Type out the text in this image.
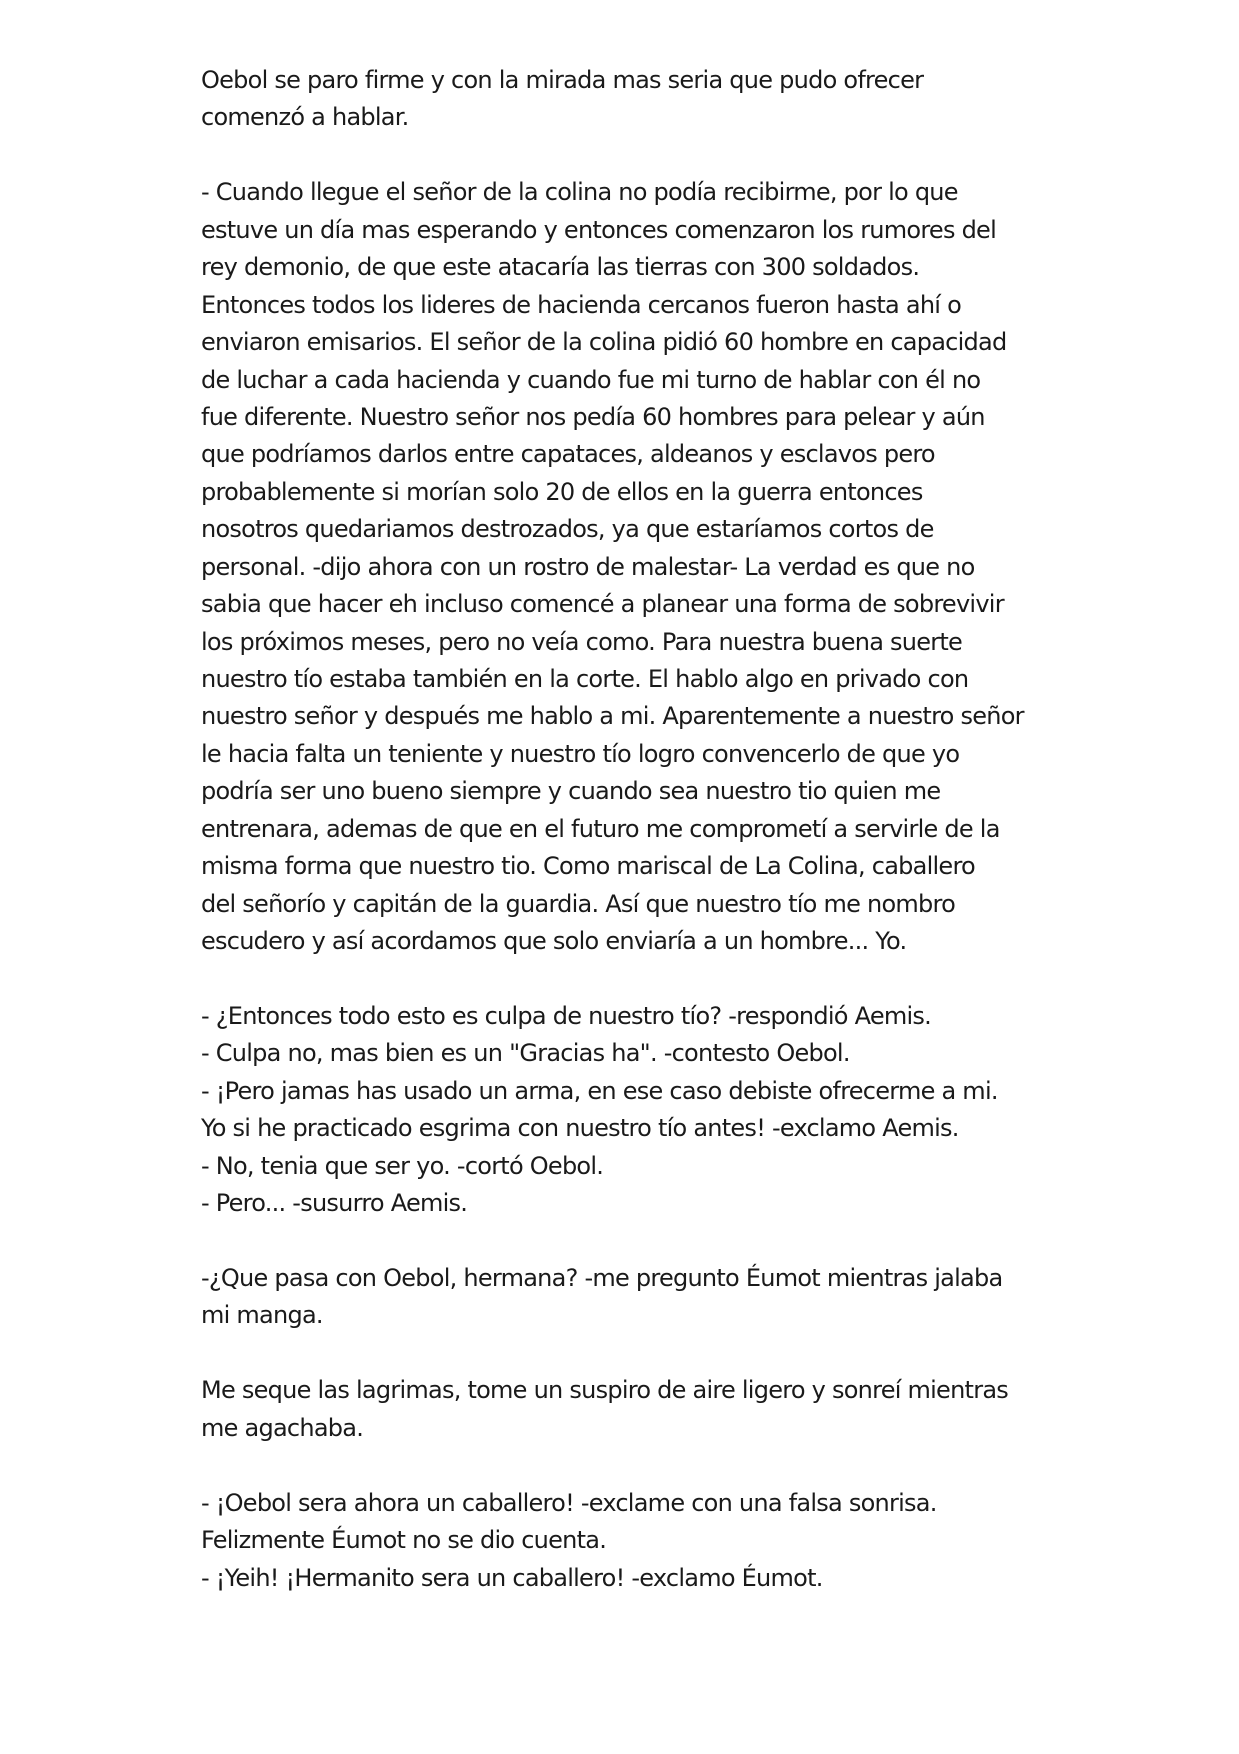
Oebol se paro firme y con la mirada mas seria que pudo ofrecer
comenzó a hablar.
- Cuando llegue el señor de la colina no podía recibirme, por lo que
estuve un día mas esperando y entonces comenzaron los rumores del
rey demonio, de que este atacaría las tierras con 300 soldados.
Entonces todos los lideres de hacienda cercanos fueron hasta ahí o
enviaron emisarios. El señor de la colina pidió 60 hombre en capacidad
de luchar a cada hacienda y cuando fue mi turno de hablar con él no
fue diferente. Nuestro señor nos pedía 60 hombres para pelear y aún
que podríamos darlos entre capataces, aldeanos y esclavos pero
probablemente si morían solo 20 de ellos en la guerra entonces
nosotros quedariamos destrozados, ya que estaríamos cortos de
personal. -dijo ahora con un rostro de malestar- La verdad es que no
sabia que hacer eh incluso comencé a planear una forma de sobrevivir
los próximos meses, pero no veía como. Para nuestra buena suerte
nuestro tío estaba también en la corte. El hablo algo en privado con
nuestro señor y después me hablo a mi. Aparentemente a nuestro señor
le hacia falta un teniente y nuestro tío logro convencerlo de que yo
podría ser uno bueno siempre y cuando sea nuestro tio quien me
entrenara, ademas de que en el futuro me comprometí a servirle de la
misma forma que nuestro tio. Como mariscal de La Colina, caballero
del señorío y capitán de la guardia. Así que nuestro tío me nombro
escudero y así acordamos que solo enviaría a un hombre... Yo.
- ¿Entonces todo esto es culpa de nuestro tío? -respondió Aemis.
- Culpa no, mas bien es un "Gracias ha". -contesto Oebol.
- ¡Pero jamas has usado un arma, en ese caso debiste ofrecerme a mi.
Yo si he practicado esgrima con nuestro tío antes! -exclamo Aemis.
- No, tenia que ser yo. -cortó Oebol.
- Pero... -susurro Aemis.
-¿Que pasa con Oebol, hermana? -me pregunto Éumot mientras jalaba
mi manga.
Me seque las lagrimas, tome un suspiro de aire ligero y sonreí mientras
me agachaba.
- ¡Oebol sera ahora un caballero! -exclame con una falsa sonrisa.
Felizmente Éumot no se dio cuenta.
- ¡Yeih! ¡Hermanito sera un caballero! -exclamo Éumot.
